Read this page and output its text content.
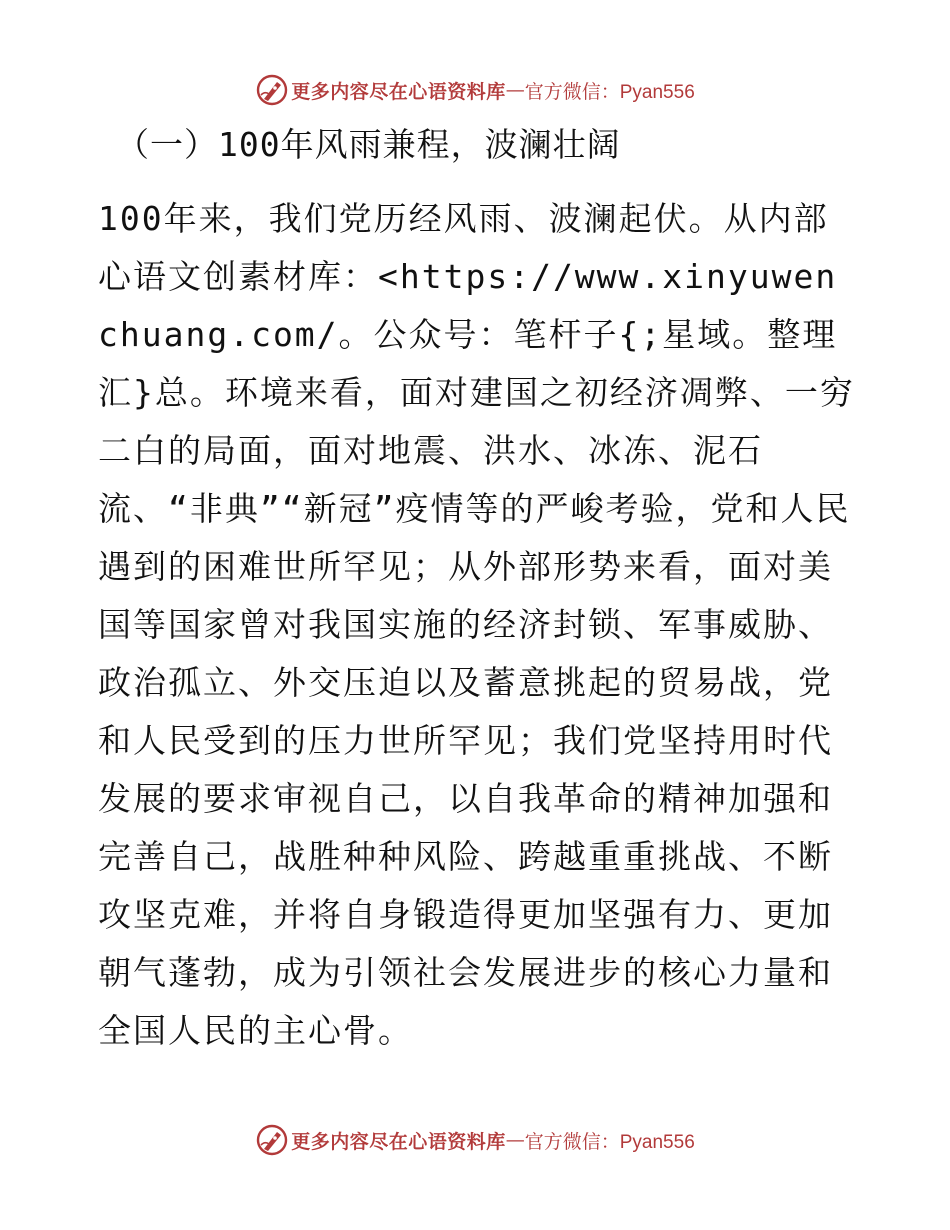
更多内容尽在心语资料库 — 官方微信：Pyan556
（一）100年风雨兼程，波澜壮阔

100年来，我们党历经风雨、波澜起伏。从内部心语文创素材库：<https://www.xinyuwenchuang.com/。公众号：笔杆子{;星域。整理汇}总。环境来看，面对建国之初经济凋弊、一穷二白的局面，面对地震、洪水、冰冻、泥石流、“非典”“新冠”疫情等的严峻考验，党和人民遇到的困难世所罕见；从外部形势来看，面对美国等国家曾对我国实施的经济封锁、军事威胁、政治孤立、外交压迫以及蓄意挑起的贸易战，党和人民受到的压力世所罕见；我们党坚持用时代发展的要求审视自己，以自我革命的精神加强和完善自己，战胜种种风险、跨越重重挑战、不断攻坚克难，并将自身锻造得更加坚强有力、更加朝气蓬勃，成为引领社会发展进步的核心力量和全国人民的主心骨。

更多内容尽在心语资料库 — 官方微信：Pyan556
